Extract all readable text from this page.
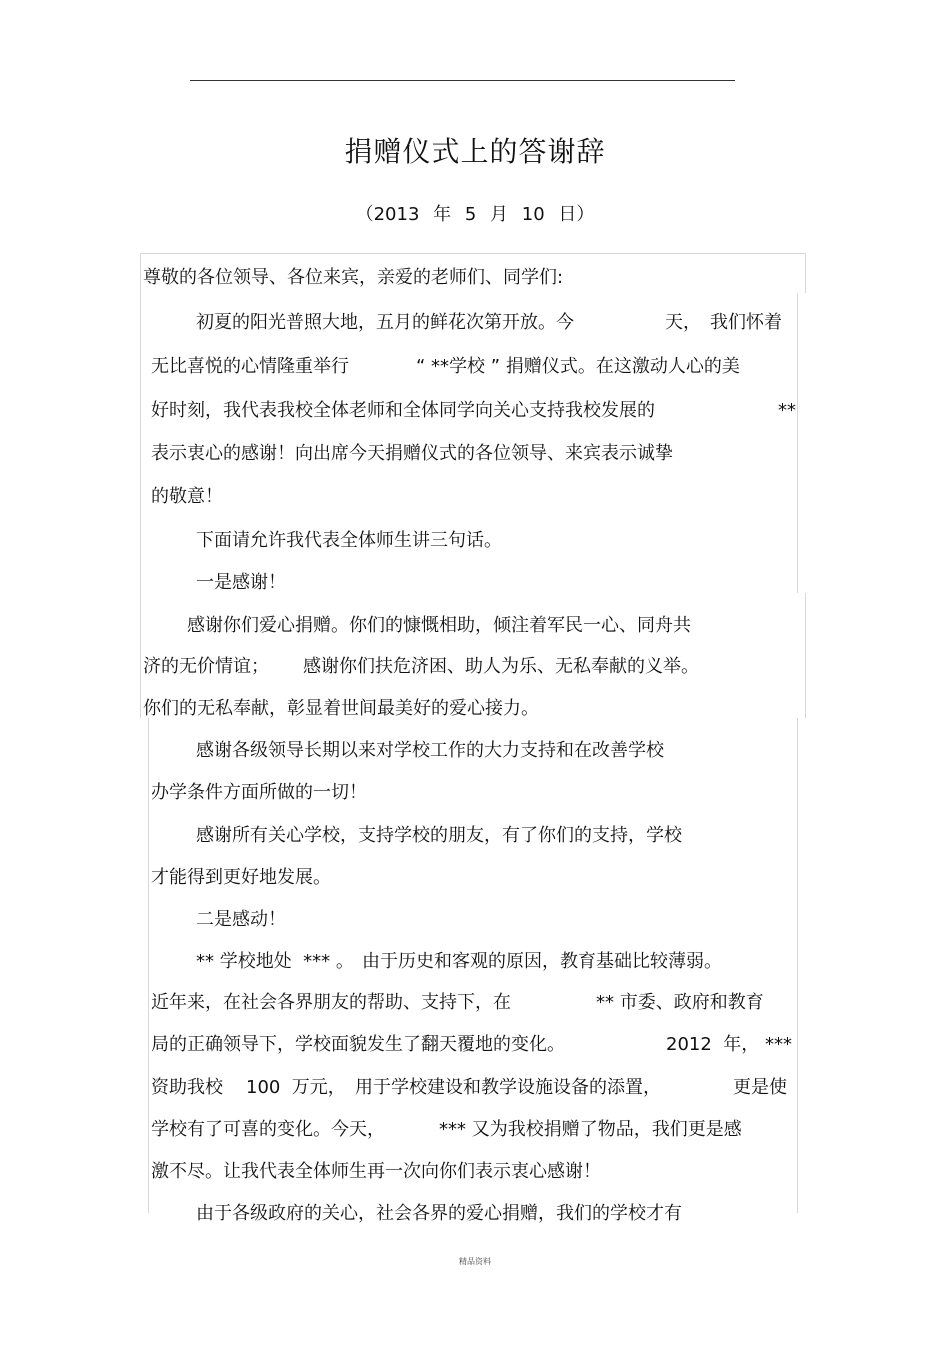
捐赠仪式上的答谢辞
（2013 年 5 月 10 日）
尊敬的各位领导、各位来宾，亲爱的老师们、同学们:
初夏的阳光普照大地，五月的鲜花次第开放。今	天， 我们怀着
无比喜悦的心情隆重举行	“ **学校 ” 捐赠仪式。在这激动人心的美
好时刻，我代表我校全体老师和全体同学向关心支持我校发展的	**
表示衷心的感谢！向出席今天捐赠仪式的各位领导、来宾表示诚挚
的敬意！
下面请允许我代表全体师生讲三句话。
一是感谢！
感谢你们爱心捐赠。你们的慷慨相助，倾注着军民一心、同舟共
济的无价情谊； 感谢你们扶危济困、助人为乐、无私奉献的义举。
你们的无私奉献，彰显着世间最美好的爱心接力。
感谢各级领导长期以来对学校工作的大力支持和在改善学校
办学条件方面所做的一切！
感谢所有关心学校，支持学校的朋友，有了你们的支持，学校
才能得到更好地发展。
二是感动！
** 学校地处  *** 。 由于历史和客观的原因，教育基础比较薄弱。
近年来，在社会各界朋友的帮助、支持下，在	** 市委、政府和教育
局的正确领导下，学校面貌发生了翻天覆地的变化。	2012  年， ***
资助我校 100  万元， 用于学校建设和教学设施设备的添置，	更是使
学校有了可喜的变化。今天，	*** 又为我校捐赠了物品，我们更是感
激不尽。让我代表全体师生再一次向你们表示衷心感谢！
由于各级政府的关心，社会各界的爱心捐赠，我们的学校才有
精品资料
